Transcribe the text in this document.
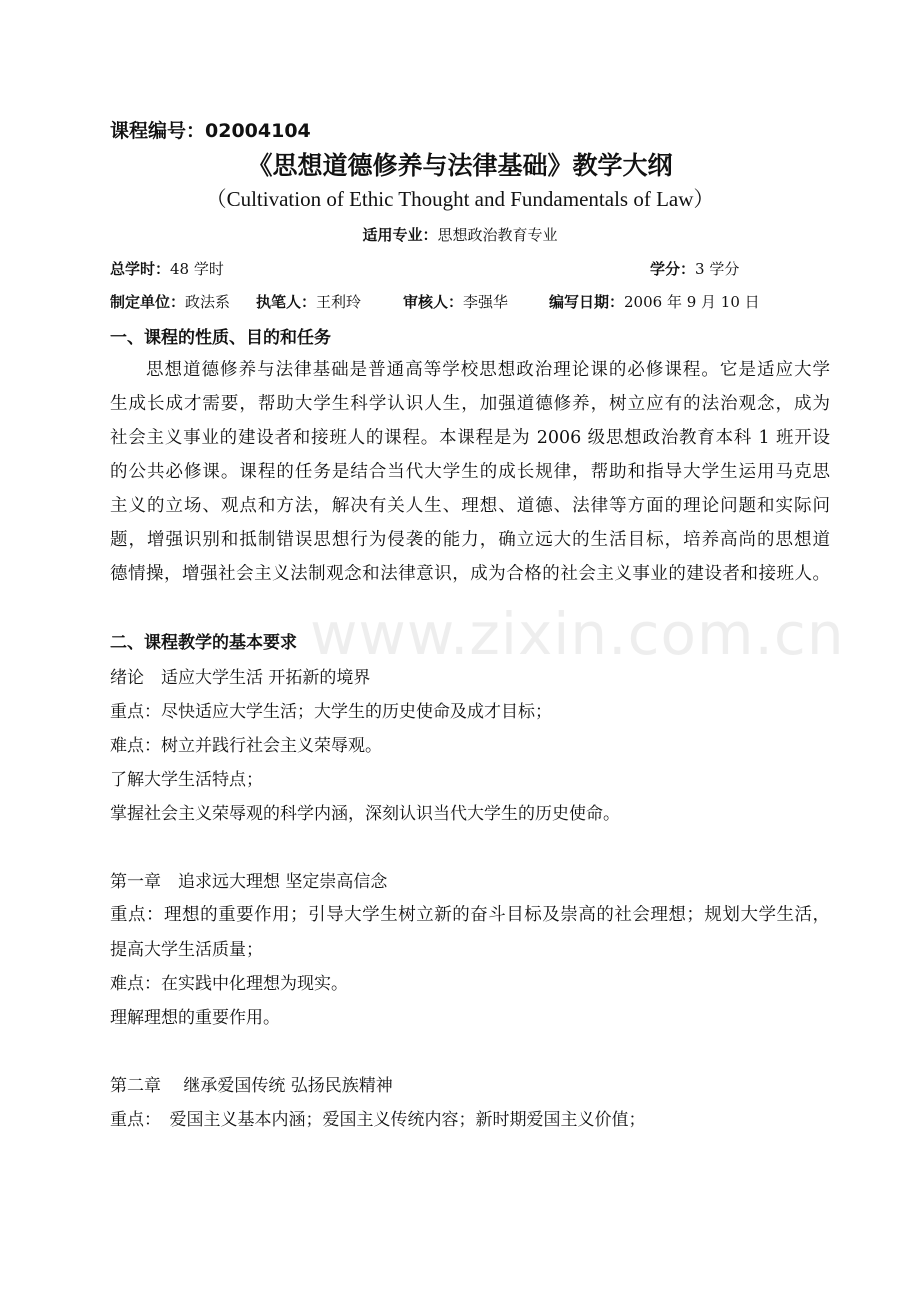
www.zixin.com.cn
课程编号：02004104
《思想道德修养与法律基础》教学大纲
（Cultivation of Ethic Thought and Fundamentals of Law）
适用专业：思想政治教育专业
总学时：48 学时	学分：3 学分
制定单位：政法系 执笔人：王利玲	审核人：李强华	编写日期：2006 年 9 月 10 日
一、课程的性质、目的和任务
思想道德修养与法律基础是普通高等学校思想政治理论课的必修课程。它是适应大学
生成长成才需要，帮助大学生科学认识人生，加强道德修养，树立应有的法治观念，成为
社会主义事业的建设者和接班人的课程。本课程是为 2006 级思想政治教育本科 1 班开设
的公共必修课。课程的任务是结合当代大学生的成长规律，帮助和指导大学生运用马克思
主义的立场、观点和方法，解决有关人生、理想、道德、法律等方面的理论问题和实际问
题，增强识别和抵制错误思想行为侵袭的能力，确立远大的生活目标，培养高尚的思想道
德情操，增强社会主义法制观念和法律意识，成为合格的社会主义事业的建设者和接班人。
二、课程教学的基本要求
绪论　适应大学生活 开拓新的境界
重点：尽快适应大学生活；大学生的历史使命及成才目标；
难点：树立并践行社会主义荣辱观。
了解大学生活特点；
掌握社会主义荣辱观的科学内涵，深刻认识当代大学生的历史使命。
第一章　追求远大理想 坚定崇高信念
重点：理想的重要作用；引导大学生树立新的奋斗目标及崇高的社会理想；规划大学生活，
提高大学生活质量；
难点：在实践中化理想为现实。
理解理想的重要作用。
第二章　 继承爱国传统 弘扬民族精神
重点：　爱国主义基本内涵；爱国主义传统内容；新时期爱国主义价值；
